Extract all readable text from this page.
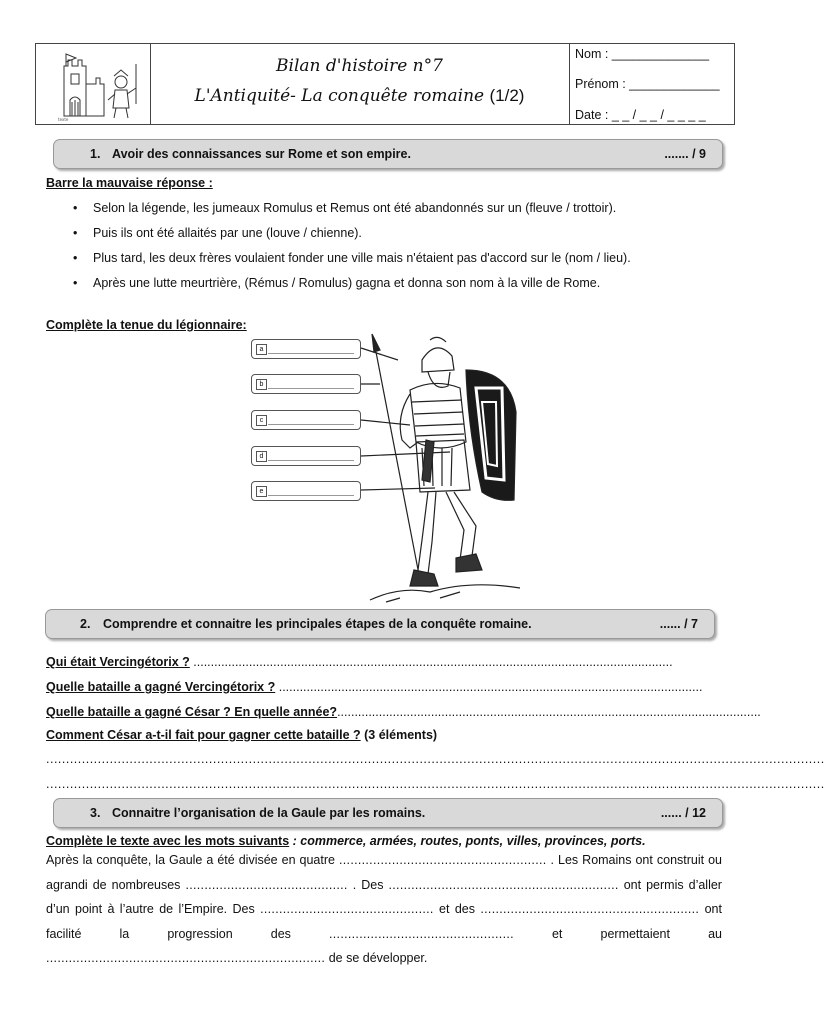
texte
Bilan d'histoire n°7
L'Antiquité- La conquête romaine (1/2)
Nom : ______________
Prénom : _____________
Date : _ _ / _ _ / _ _ _ _
1. Avoir des connaissances sur Rome et son empire.	....... / 9
Barre la mauvaise réponse :
• Selon la légende, les jumeaux Romulus et Remus ont été abandonnés sur un (fleuve / trottoir).
• Puis ils ont été allaités par une (louve / chienne).
• Plus tard, les deux frères voulaient fonder une ville mais n'étaient pas d'accord sur le (nom / lieu).
• Après une lutte meurtrière, (Rémus / Romulus) gagna et donna son nom à la ville de Rome.
Complète la tenue du légionnaire:
a
b
c
d
e
2. Comprendre et connaitre les principales étapes de la conquête romaine.	...... / 7
Qui était Vercingétorix ? ..........................................................................................................................................
Quelle bataille a gagné Vercingétorix ? ..........................................................................................................................
Quelle bataille a gagné César ? En quelle année?..........................................................................................................................
Comment César a-t-il fait pour gagner cette bataille ? (3 éléments)
....................................................................................................................................................................................................
....................................................................................................................................................................................................
3. Connaitre l’organisation de la Gaule par les romains.	...... / 12
Complète le texte avec les mots suivants : commerce, armées, routes, ponts, villes, provinces, ports.
Après la conquête, la Gaule a été divisée en quatre ....................................................... . Les Romains ont construit ou agrandi de nombreuses ........................................... . Des ............................................................. ont permis d’aller d’un point à l’autre de l’Empire. Des .............................................. et des .......................................................... ont facilité la progression des	.................................................	et permettaient au .......................................................................... de se développer.
